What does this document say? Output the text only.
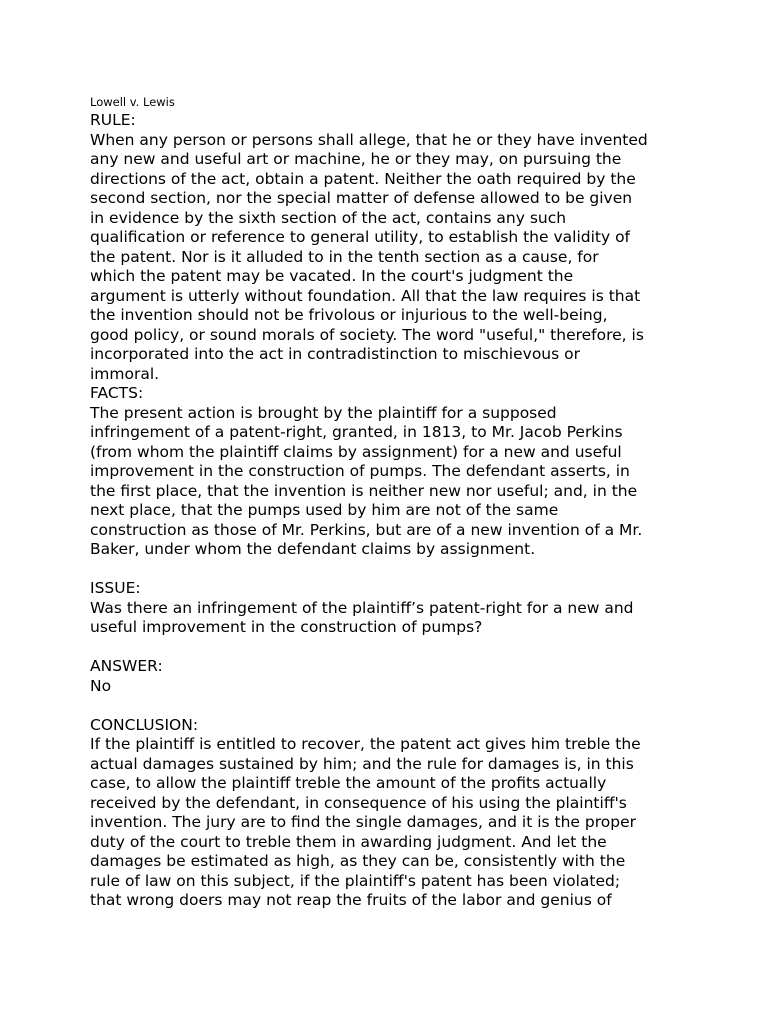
Lowell v. Lewis
RULE:
When any person or persons shall allege, that he or they have invented
any new and useful art or machine, he or they may, on pursuing the
directions of the act, obtain a patent. Neither the oath required by the
second section, nor the special matter of defense allowed to be given
in evidence by the sixth section of the act, contains any such
qualification or reference to general utility, to establish the validity of
the patent. Nor is it alluded to in the tenth section as a cause, for
which the patent may be vacated. In the court's judgment the
argument is utterly without foundation. All that the law requires is that
the invention should not be frivolous or injurious to the well-being,
good policy, or sound morals of society. The word "useful," therefore, is
incorporated into the act in contradistinction to mischievous or
immoral.
FACTS:
The present action is brought by the plaintiff for a supposed
infringement of a patent-right, granted, in 1813, to Mr. Jacob Perkins
(from whom the plaintiff claims by assignment) for a new and useful
improvement in the construction of pumps. The defendant asserts, in
the first place, that the invention is neither new nor useful; and, in the
next place, that the pumps used by him are not of the same
construction as those of Mr. Perkins, but are of a new invention of a Mr.
Baker, under whom the defendant claims by assignment.
ISSUE:
Was there an infringement of the plaintiff’s patent-right for a new and
useful improvement in the construction of pumps?
ANSWER:
No
CONCLUSION:
If the plaintiff is entitled to recover, the patent act gives him treble the
actual damages sustained by him; and the rule for damages is, in this
case, to allow the plaintiff treble the amount of the profits actually
received by the defendant, in consequence of his using the plaintiff's
invention. The jury are to find the single damages, and it is the proper
duty of the court to treble them in awarding judgment. And let the
damages be estimated as high, as they can be, consistently with the
rule of law on this subject, if the plaintiff's patent has been violated;
that wrong doers may not reap the fruits of the labor and genius of
